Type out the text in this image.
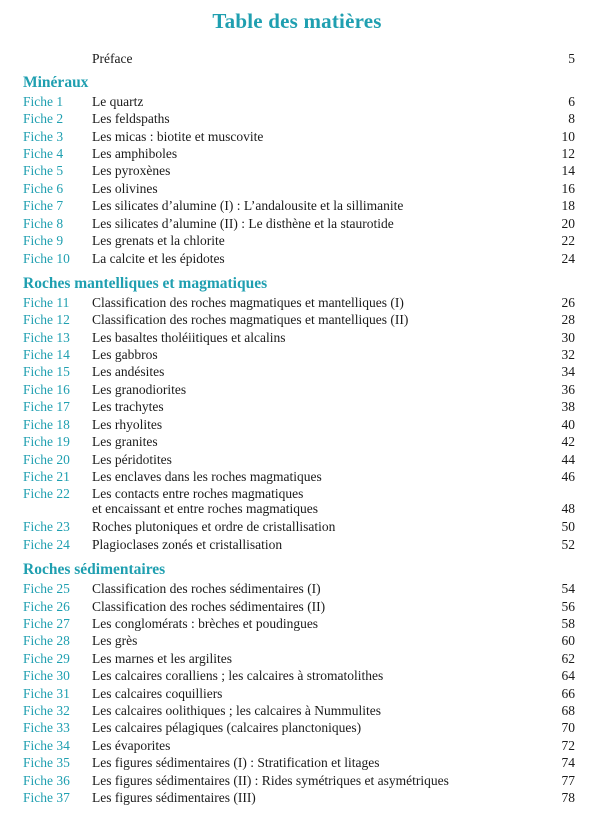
Table des matières
Préface	5
Minéraux
Fiche 1 Le quartz	6
Fiche 2 Les feldspaths	8
Fiche 3 Les micas : biotite et muscovite	10
Fiche 4 Les amphiboles	12
Fiche 5 Les pyroxènes	14
Fiche 6 Les olivines	16
Fiche 7 Les silicates d’alumine (I) : L’andalousite et la sillimanite	18
Fiche 8 Les silicates d’alumine (II) : Le disthène et la staurotide	20
Fiche 9 Les grenats et la chlorite	22
Fiche 10 La calcite et les épidotes	24
Roches mantelliques et magmatiques
Fiche 11 Classification des roches magmatiques et mantelliques (I)	26
Fiche 12 Classification des roches magmatiques et mantelliques (II)	28
Fiche 13 Les basaltes tholéiitiques et alcalins	30
Fiche 14 Les gabbros	32
Fiche 15 Les andésites	34
Fiche 16 Les granodiorites	36
Fiche 17 Les trachytes	38
Fiche 18 Les rhyolites	40
Fiche 19 Les granites	42
Fiche 20 Les péridotites	44
Fiche 21 Les enclaves dans les roches magmatiques	46
Fiche 22 Les contacts entre roches magmatiques
et encaissant et entre roches magmatiques	48
Fiche 23 Roches plutoniques et ordre de cristallisation	50
Fiche 24 Plagioclases zonés et cristallisation	52
Roches sédimentaires
Fiche 25 Classification des roches sédimentaires (I)	54
Fiche 26 Classification des roches sédimentaires (II)	56
Fiche 27 Les conglomérats : brèches et poudingues	58
Fiche 28 Les grès	60
Fiche 29 Les marnes et les argilites	62
Fiche 30 Les calcaires coralliens ; les calcaires à stromatolithes	64
Fiche 31 Les calcaires coquilliers	66
Fiche 32 Les calcaires oolithiques ; les calcaires à Nummulites	68
Fiche 33 Les calcaires pélagiques (calcaires planctoniques)	70
Fiche 34 Les évaporites	72
Fiche 35 Les figures sédimentaires (I) : Stratification et litages	74
Fiche 36 Les figures sédimentaires (II) : Rides symétriques et asymétriques	77
Fiche 37 Les figures sédimentaires (III)	78
